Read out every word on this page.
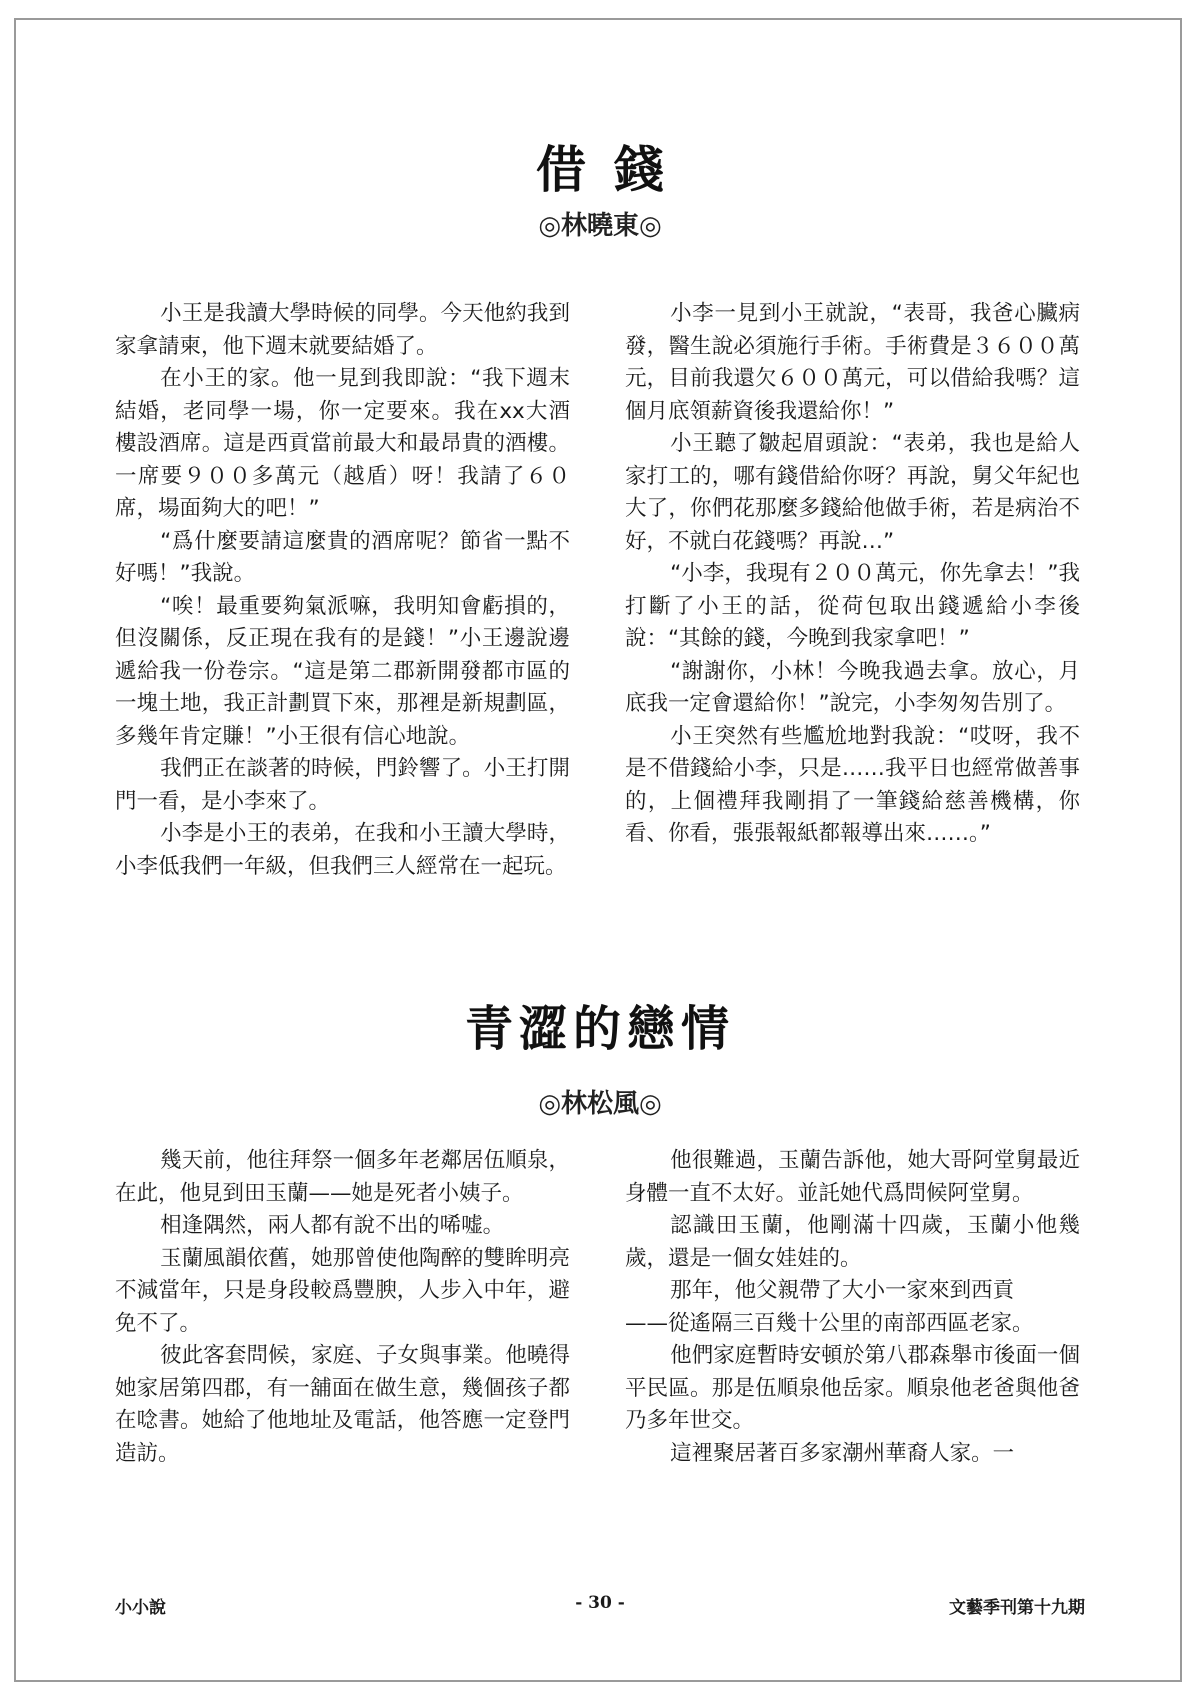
借錢
◎林曉東◎

小王是我讀大學時候的同學。今天他約我到家拿請柬，他下週末就要結婚了。

在小王的家。他一見到我即說：“我下週末結婚，老同學一場，你一定要來。我在xx大酒樓設酒席。這是西貢當前最大和最昂貴的酒樓。一席要９００多萬元（越盾）呀！我請了６０席，場面夠大的吧！”

“爲什麼要請這麼貴的酒席呢？節省一點不好嗎！”我說。

“唉！最重要夠氣派嘛，我明知會虧損的，但沒關係，反正現在我有的是錢！”小王邊說邊遞給我一份卷宗。“這是第二郡新開發都市區的一塊土地，我正計劃買下來，那裡是新規劃區，多幾年肯定賺！”小王很有信心地說。

我們正在談著的時候，門鈴響了。小王打開門一看，是小李來了。

小李是小王的表弟，在我和小王讀大學時，小李低我們一年級，但我們三人經常在一起玩。

小李一見到小王就說，“表哥，我爸心臟病發，醫生說必須施行手術。手術費是３６００萬元，目前我還欠６００萬元，可以借給我嗎？這個月底領薪資後我還給你！”

小王聽了皺起眉頭說：“表弟，我也是給人家打工的，哪有錢借給你呀？再說，舅父年紀也大了，你們花那麼多錢給他做手術，若是病治不好，不就白花錢嗎？再說…”

“小李，我現有２００萬元，你先拿去！”我打斷了小王的話，從荷包取出錢遞給小李後說：“其餘的錢，今晚到我家拿吧！”

“謝謝你，小林！今晚我過去拿。放心，月底我一定會還給你！”說完，小李匆匆告別了。

小王突然有些尷尬地對我說：“哎呀，我不是不借錢給小李，只是……我平日也經常做善事的，上個禮拜我剛捐了一筆錢給慈善機構，你看、你看，張張報紙都報導出來……。”

青澀的戀情
◎林松風◎

幾天前，他往拜祭一個多年老鄰居伍順泉，在此，他見到田玉蘭——她是死者小姨子。

相逢隅然，兩人都有說不出的唏嘘。

玉蘭風韻依舊，她那曾使他陶醉的雙眸明亮不減當年，只是身段較爲豐腴，人步入中年，避免不了。

彼此客套問候，家庭、子女與事業。他曉得她家居第四郡，有一舖面在做生意，幾個孩子都在唸書。她給了他地址及電話，他答應一定登門造訪。

他很難過，玉蘭告訴他，她大哥阿堂舅最近身體一直不太好。並託她代爲問候阿堂舅。

認識田玉蘭，他剛滿十四歲，玉蘭小他幾歲，還是一個女娃娃的。

那年，他父親帶了大小一家來到西貢

——從遙隔三百幾十公里的南部西區老家。

他們家庭暫時安頓於第八郡森舉市後面一個平民區。那是伍順泉他岳家。順泉他老爸與他爸乃多年世交。

這裡聚居著百多家潮州華裔人家。一

小小說	- 30 -	文藝季刊第十九期
